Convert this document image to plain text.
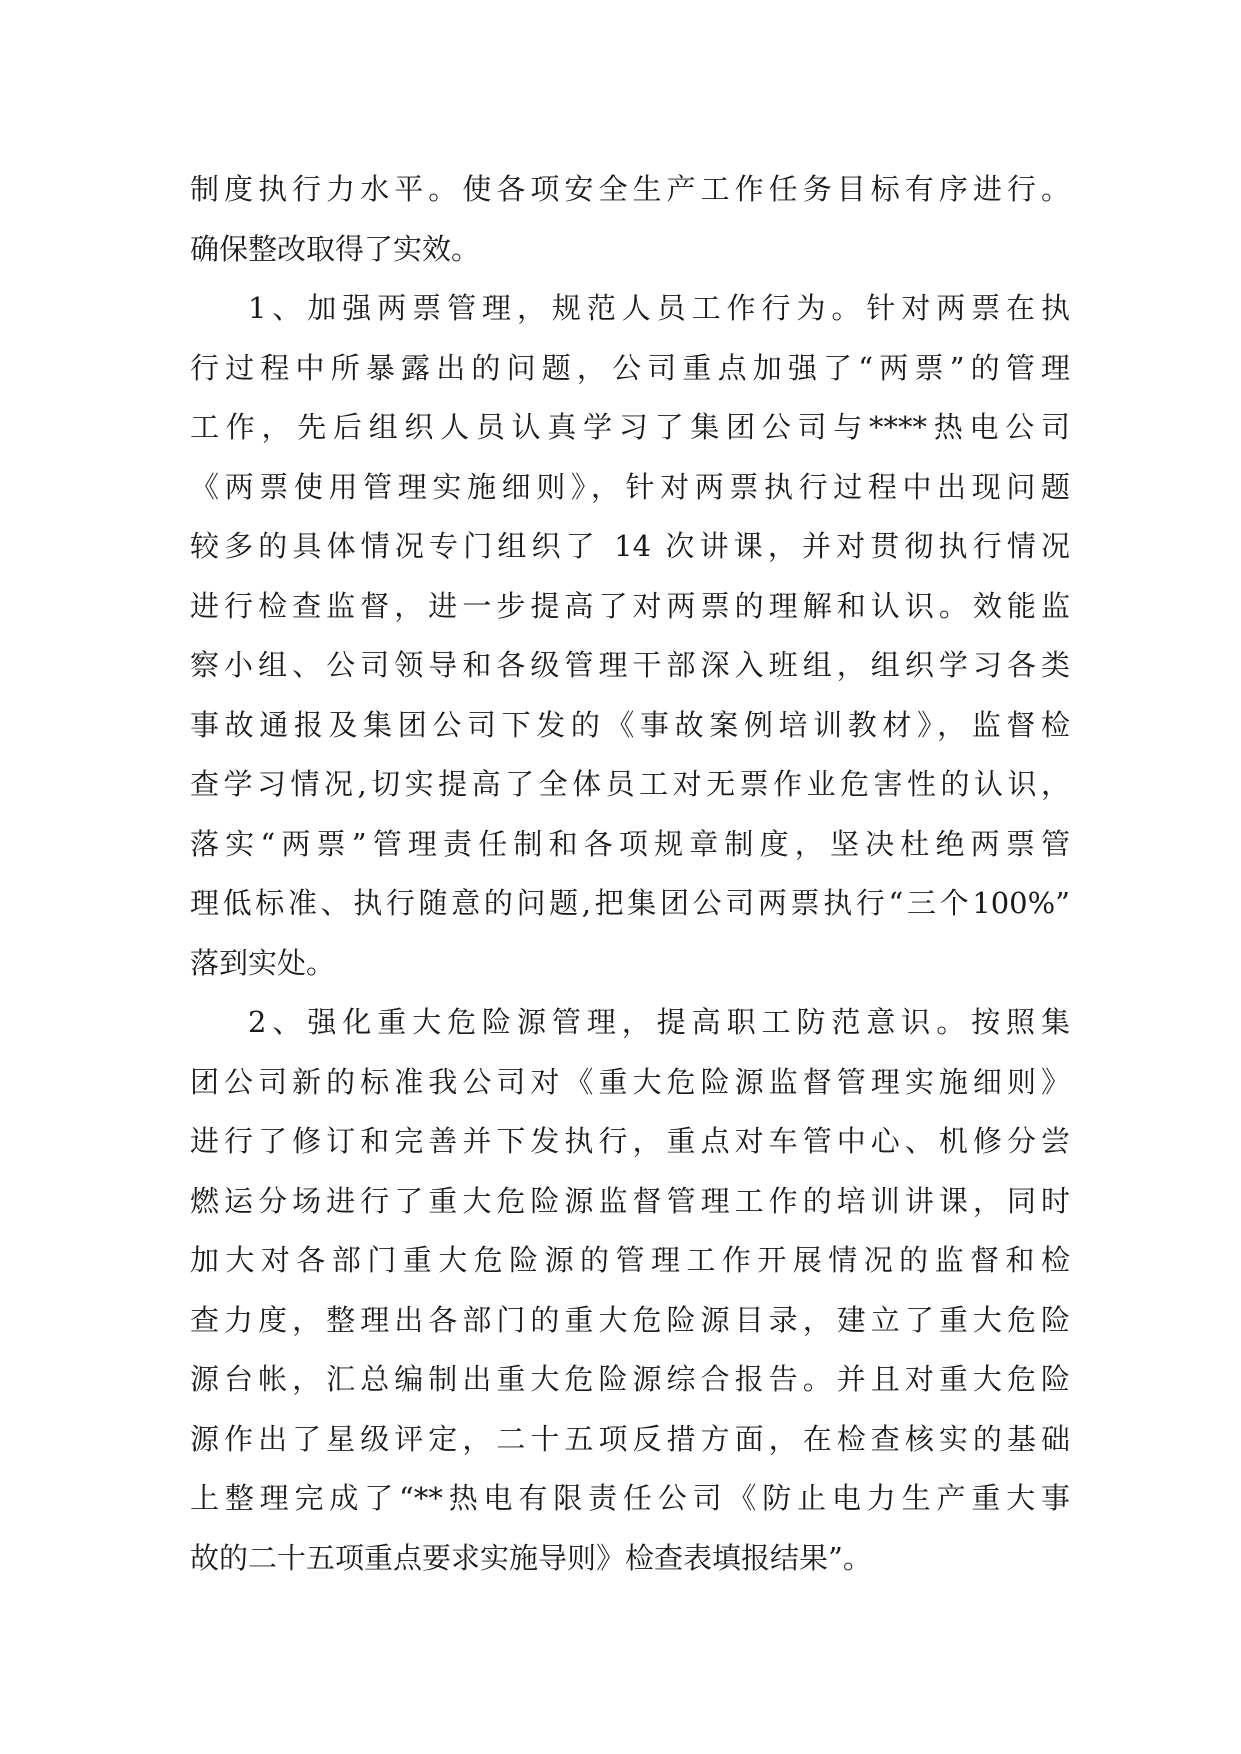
制度执行力水平。使各项安全生产工作任务目标有序进行。
确保整改取得了实效。
1、加强两票管理，规范人员工作行为。针对两票在执
行过程中所暴露出的问题，公司重点加强了“两票”的管理
工作，先后组织人员认真学习了集团公司与****热电公司
《两票使用管理实施细则》，针对两票执行过程中出现问题
较多的具体情况专门组织了 14 次讲课，并对贯彻执行情况
进行检查监督，进一步提高了对两票的理解和认识。效能监
察小组、公司领导和各级管理干部深入班组，组织学习各类
事故通报及集团公司下发的《事故案例培训教材》，监督检
查学习情况,切实提高了全体员工对无票作业危害性的认识，
落实“两票”管理责任制和各项规章制度，坚决杜绝两票管
理低标准、执行随意的问题,把集团公司两票执行“三个100%”
落到实处。
2、强化重大危险源管理，提高职工防范意识。按照集
团公司新的标准我公司对《重大危险源监督管理实施细则》
进行了修订和完善并下发执行，重点对车管中心、机修分尝
燃运分场进行了重大危险源监督管理工作的培训讲课，同时
加大对各部门重大危险源的管理工作开展情况的监督和检
查力度，整理出各部门的重大危险源目录，建立了重大危险
源台帐，汇总编制出重大危险源综合报告。并且对重大危险
源作出了星级评定，二十五项反措方面，在检查核实的基础
上整理完成了“**热电有限责任公司《防止电力生产重大事
故的二十五项重点要求实施导则》检查表填报结果”。
